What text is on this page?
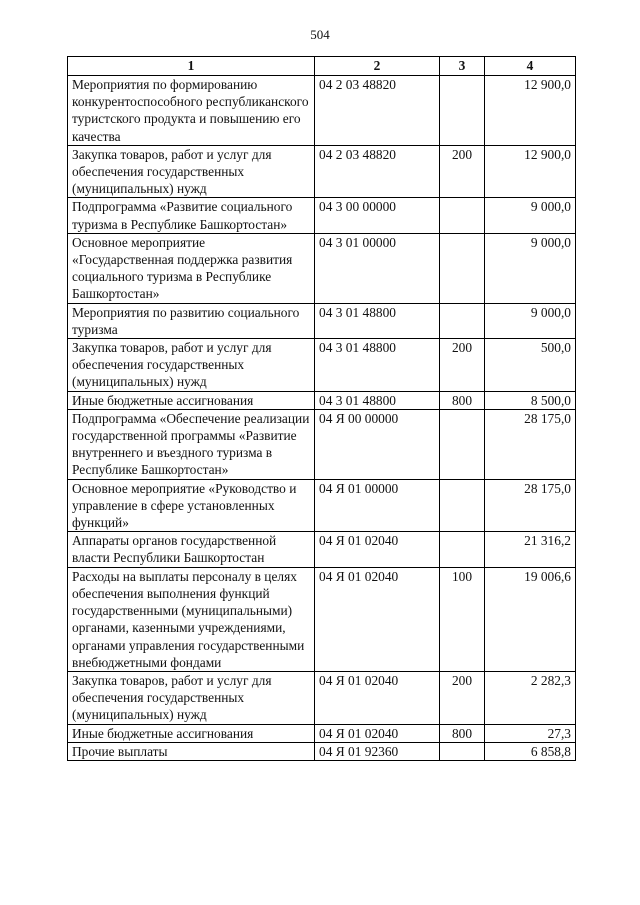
504
1	2	3	4
Мероприятия по формированию конкурентоспособного республиканского туристского продукта и повышению его качества	04 2 03 48820		12 900,0
Закупка товаров, работ и услуг для обеспечения государственных (муниципальных) нужд	04 2 03 48820	200	12 900,0
Подпрограмма «Развитие социального туризма в Республике Башкортостан»	04 3 00 00000		9 000,0
Основное мероприятие «Государственная поддержка развития социального туризма в Республике Башкортостан»	04 3 01 00000		9 000,0
Мероприятия по развитию социального туризма	04 3 01 48800		9 000,0
Закупка товаров, работ и услуг для обеспечения государственных (муниципальных) нужд	04 3 01 48800	200	500,0
Иные бюджетные ассигнования	04 3 01 48800	800	8 500,0
Подпрограмма «Обеспечение реализации государственной программы «Развитие внутреннего и въездного туризма в Республике Башкортостан»	04 Я 00 00000		28 175,0
Основное мероприятие «Руководство и управление в сфере установленных функций»	04 Я 01 00000		28 175,0
Аппараты органов государственной власти Республики Башкортостан	04 Я 01 02040		21 316,2
Расходы на выплаты персоналу в целях обеспечения выполнения функций государственными (муниципальными) органами, казенными учреждениями, органами управления государственными внебюджетными фондами	04 Я 01 02040	100	19 006,6
Закупка товаров, работ и услуг для обеспечения государственных (муниципальных) нужд	04 Я 01 02040	200	2 282,3
Иные бюджетные ассигнования	04 Я 01 02040	800	27,3
Прочие выплаты	04 Я 01 92360		6 858,8
